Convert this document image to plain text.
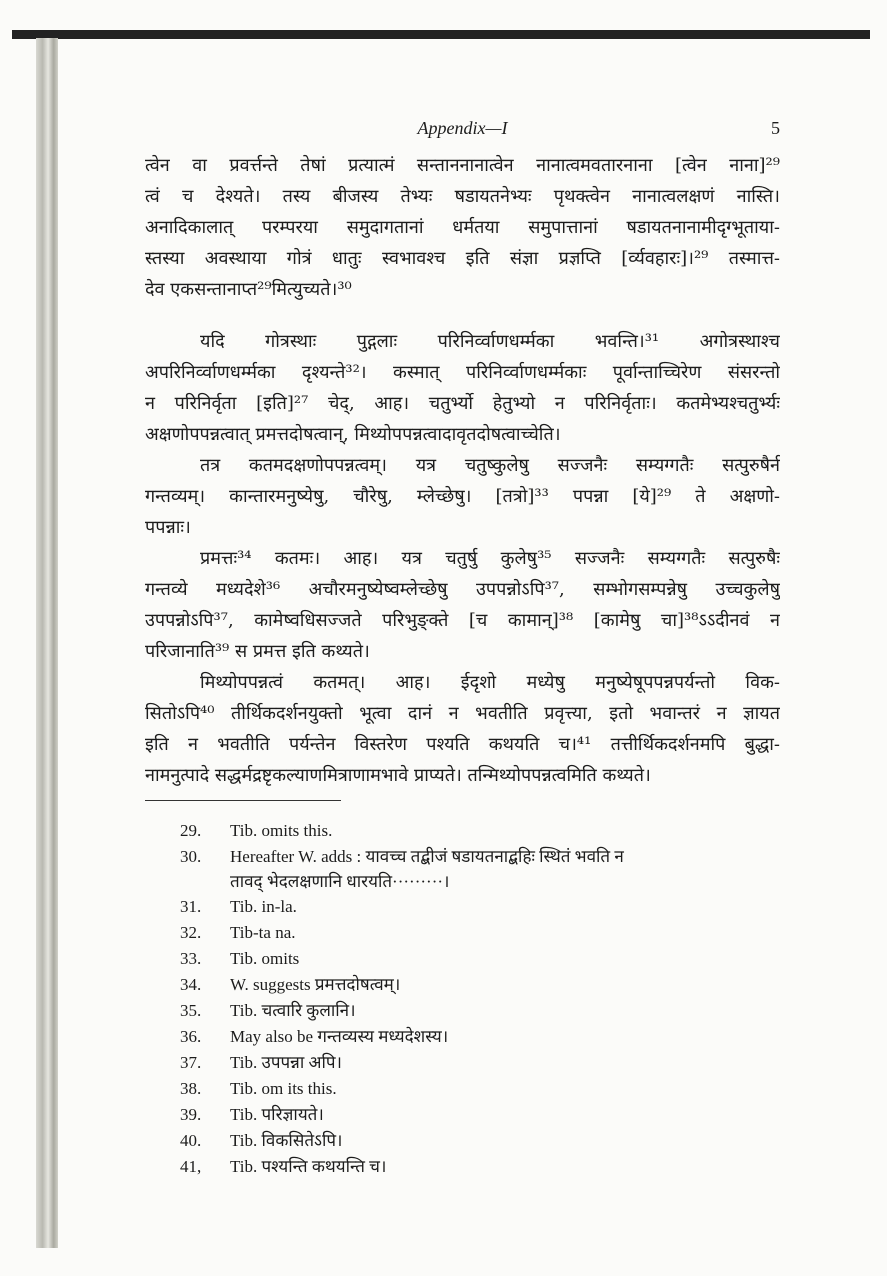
Appendix—I	5
त्वेन वा प्रवर्त्तन्ते तेषां प्रत्यात्मं सन्ताननानात्वेन नानात्वमवतारनाना [त्वेन नाना]²⁹
त्वं च देश्यते। तस्य बीजस्य तेभ्यः षडायतनेभ्यः पृथक्त्वेन नानात्वलक्षणं नास्ति।
अनादिकालात् परम्परया समुदागतानां धर्मतया समुपात्तानां षडायतनानामीदृग्भूताया-
स्तस्या अवस्थाया गोत्रं धातुः स्वभावश्च इति संज्ञा प्रज्ञप्ति [र्व्यवहारः]।²⁹ तस्मात्त-
देव एकसन्तानाप्त²⁹मित्युच्यते।³⁰
यदि गोत्रस्थाः पुद्गलाः परिनिर्व्वाणधर्म्मका भवन्ति।³¹ अगोत्रस्थाश्च
अपरिनिर्व्वाणधर्म्मका दृश्यन्ते³²। कस्मात् परिनिर्व्वाणधर्म्मकाः पूर्वान्ताच्चिरेण संसरन्तो
न परिनिर्वृता [इति]²⁷ चेद्, आह। चतुर्भ्यो हेतुभ्यो न परिनिर्वृताः। कतमेभ्यश्चतुर्भ्यः
अक्षणोपपन्नत्वात् प्रमत्तदोषत्वान्, मिथ्योपपन्नत्वादावृतदोषत्वाच्चेति।
तत्र कतमदक्षणोपपन्नत्वम्। यत्र चतुष्कुलेषु सज्जनैः सम्यग्गतैः सत्पुरुषैर्न
गन्तव्यम्। कान्तारमनुष्येषु, चौरेषु, म्लेच्छेषु। [तत्रो]³³ पपन्ना [ये]²⁹ ते अक्षणो-
पपन्नाः।
प्रमत्तः³⁴ कतमः। आह। यत्र चतुर्षु कुलेषु³⁵ सज्जनैः सम्यग्गतैः सत्पुरुषैः
गन्तव्ये मध्यदेशे³⁶ अचौरमनुष्येष्वम्लेच्छेषु उपपन्नोऽपि³⁷, सम्भोगसम्पन्नेषु उच्चकुलेषु
उपपन्नोऽपि³⁷, कामेष्वधिसज्जते परिभुङ्क्ते [च कामान्]³⁸ [कामेषु चा]³⁸ऽऽदीनवं न
परिजानाति³⁹ स प्रमत्त इति कथ्यते।
मिथ्योपपन्नत्वं कतमत्। आह। ईदृशो मध्येषु मनुष्येषूपपन्नपर्यन्तो विक-
सितोऽपि⁴⁰ तीर्थिकदर्शनयुक्तो भूत्वा दानं न भवतीति प्रवृत्त्या, इतो भवान्तरं न ज्ञायत
इति न भवतीति पर्यन्तेन विस्तरेण पश्यति कथयति च।⁴¹ तत्तीर्थिकदर्शनमपि बुद्धा-
नामनुत्पादे सद्धर्मद्रष्टृकल्याणमित्राणामभावे प्राप्यते। तन्मिथ्योपपन्नत्वमिति कथ्यते।
29.	Tib. omits this.
30.	Hereafter W. adds : यावच्च तद्बीजं षडायतनाद्बहिः स्थितं भवति न
तावद् भेदलक्षणानि धारयति·········।
31.	Tib. in-la.
32.	Tib-ta na.
33.	Tib. omits
34.	W. suggests प्रमत्तदोषत्वम्।
35.	Tib. चत्वारि कुलानि।
36.	May also be गन्तव्यस्य मध्यदेशस्य।
37.	Tib. उपपन्ना अपि।
38.	Tib. om its this.
39.	Tib. परिज्ञायते।
40.	Tib. विकसितेऽपि।
41,	Tib. पश्यन्ति कथयन्ति च।
